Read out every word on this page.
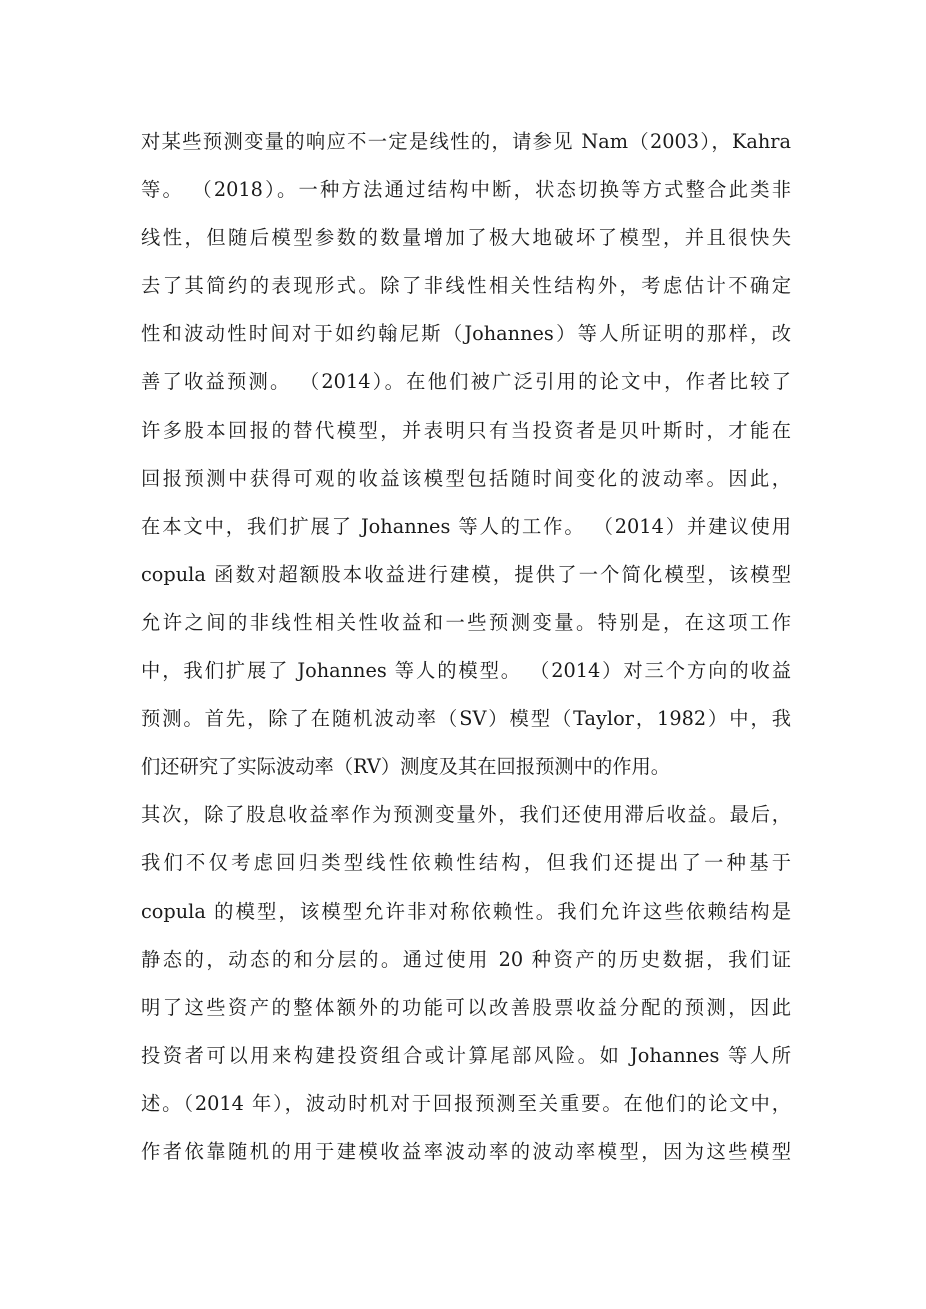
对某些预测变量的响应不一定是线性的，请参见 Nam（2003），Kahra
等。 （2018）。一种方法通过结构中断，状态切换等方式整合此类非
线性，但随后模型参数的数量增加了极大地破坏了模型，并且很快失
去了其简约的表现形式。除了非线性相关性结构外，考虑估计不确定
性和波动性时间对于如约翰尼斯（Johannes）等人所证明的那样，改
善了收益预测。 （2014）。在他们被广泛引用的论文中，作者比较了
许多股本回报的替代模型，并表明只有当投资者是贝叶斯时，才能在
回报预测中获得可观的收益该模型包括随时间变化的波动率。因此，
在本文中，我们扩展了 Johannes 等人的工作。 （2014）并建议使用
copula 函数对超额股本收益进行建模，提供了一个简化模型，该模型
允许之间的非线性相关性收益和一些预测变量。特别是，在这项工作
中，我们扩展了 Johannes 等人的模型。 （2014）对三个方向的收益
预测。首先，除了在随机波动率（SV）模型（Taylor，1982）中，我
们还研究了实际波动率（RV）测度及其在回报预测中的作用。
其次，除了股息收益率作为预测变量外，我们还使用滞后收益。最后，
我们不仅考虑回归类型线性依赖性结构，但我们还提出了一种基于
copula 的模型，该模型允许非对称依赖性。我们允许这些依赖结构是
静态的，动态的和分层的。通过使用 20 种资产的历史数据，我们证
明了这些资产的整体额外的功能可以改善股票收益分配的预测，因此
投资者可以用来构建投资组合或计算尾部风险。如 Johannes 等人所
述。（2014 年），波动时机对于回报预测至关重要。在他们的论文中，
作者依靠随机的用于建模收益率波动率的波动率模型，因为这些模型
